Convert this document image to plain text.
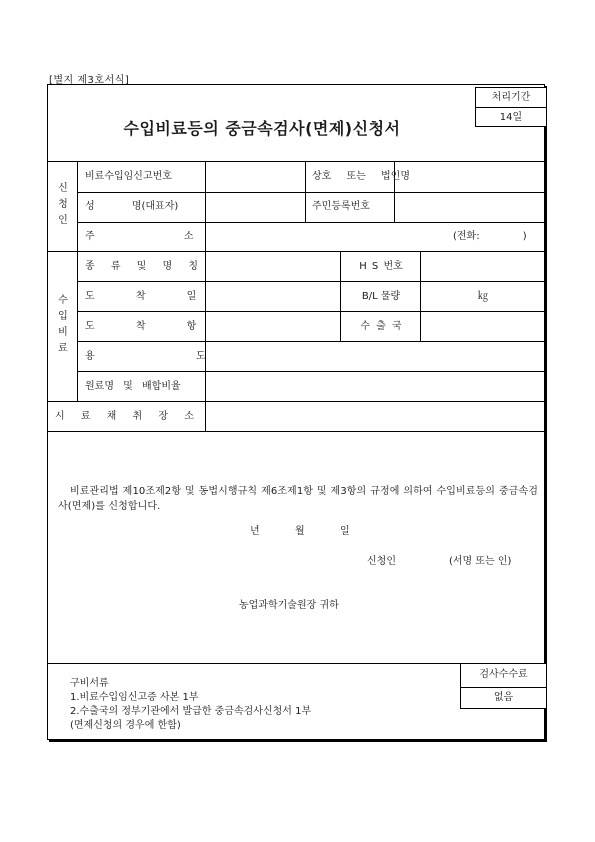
[별지 제3호서식]
수입비료등의 중금속검사(면제)신청서
처리기간
14일
신
청
인
비료수입임신고번호	상호 또는 법인명
성 명(대표자)	주민등록번호
주 소	(전화: )
수
입
비
료
종 류 및 명 칭	H S 번호
도 착 일	B/L 물량	㎏
도 착 항	수 출 국
용 도
원료명 및 배합비율
시 료 채 취 장 소
검사수수료
없음
비료관리법 제10조제2항 및 동법시행규칙 제6조제1항 및 제3항의 규정에 의하여 수입비료등의 중금속검사(면제)를 신청합니다.
년	월	일
신청인	(서명 또는 인)
농업과학기술원장 귀하
구비서류
1.비료수입임신고증 사본 1부
2.수출국의 정부기관에서 발급한 중금속검사신청서 1부
(면제신청의 경우에 한함)
